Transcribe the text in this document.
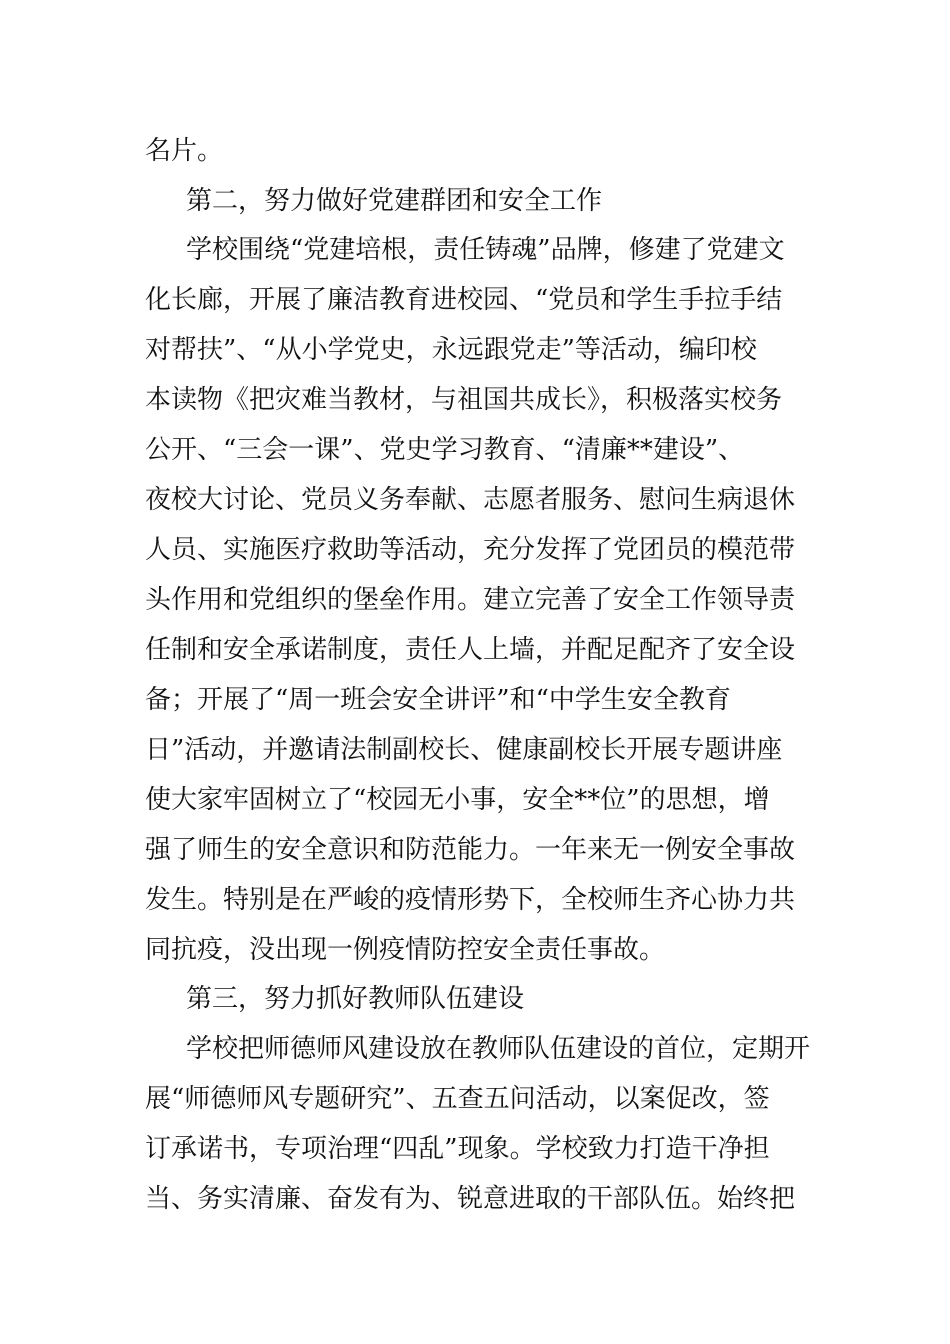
名片。
第二，努力做好党建群团和安全工作
学校围绕“党建培根，责任铸魂”品牌，修建了党建文
化长廊，开展了廉洁教育进校园、“党员和学生手拉手结
对帮扶”、“从小学党史，永远跟党走”等活动，编印校
本读物《把灾难当教材，与祖国共成长》，积极落实校务
公开、“三会一课”、党史学习教育、“清廉**建设”、
夜校大讨论、党员义务奉献、志愿者服务、慰问生病退休
人员、实施医疗救助等活动，充分发挥了党团员的模范带
头作用和党组织的堡垒作用。建立完善了安全工作领导责
任制和安全承诺制度，责任人上墙，并配足配齐了安全设
备；开展了“周一班会安全讲评”和“中学生安全教育
日”活动，并邀请法制副校长、健康副校长开展专题讲座
使大家牢固树立了“校园无小事，安全**位”的思想，增
强了师生的安全意识和防范能力。一年来无一例安全事故
发生。特别是在严峻的疫情形势下，全校师生齐心协力共
同抗疫，没出现一例疫情防控安全责任事故。
第三，努力抓好教师队伍建设
学校把师德师风建设放在教师队伍建设的首位，定期开
展“师德师风专题研究”、五查五问活动，以案促改，签
订承诺书，专项治理“四乱”现象。学校致力打造干净担
当、务实清廉、奋发有为、锐意进取的干部队伍。始终把
